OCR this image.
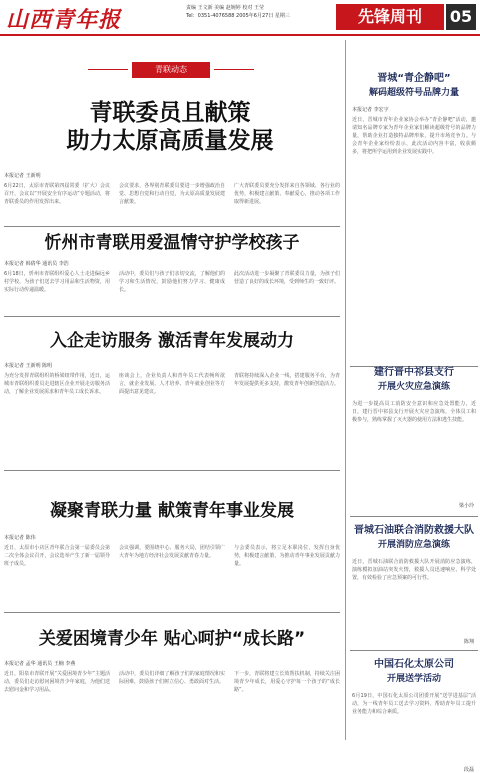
山西青年报	责编 王文新 美编 赵婉婷 校对 王莹
Tel：0351-4076588 2005年6月27日 星期三	先锋周刊	05
青联动态
青联委员且献策
助力太原高质量发展
本报记者 王新明
6月22日，太原市青联第四届常委（扩大）会议召开，会议以“开展安全有序运动”专题活动，将青联委员的作用发挥出来。
会议要求，各界别青联委员要进一步增强政治自觉、思想自觉和行动自觉，为太原高质量发展建言献策。
广大青联委员要充分发挥来自各领域、各行业的优势，积极建言献策、奉献爱心，推动各项工作取得新进展。
忻州市青联用爱温情守护学校孩子
本报记者 韩倩华 通讯员 李浩
6月18日，忻州市青联组织爱心人士走进偏远乡村学校，为孩子们送去学习用品和生活物资，用实际行动传递温暖。
活动中，委员们与孩子们亲切交流，了解他们的学习和生活情况，鼓励他们努力学习、健康成长。
此次活动进一步凝聚了青联委员力量，为孩子们营造了良好的成长环境，受到师生的一致好评。
入企走访服务 激活青年发展动力
本报记者 王新明 陈明
为充分发挥青联组织的桥梁纽带作用，近日，运城市青联组织委员走进辖区企业开展走访服务活动，了解企业发展需求和青年员工成长诉求。
座谈会上，企业负责人和青年员工代表畅所欲言，就企业发展、人才培养、青年就业创业等方面提出意见建议。
青联将持续深入企业一线，搭建服务平台，为青年发展提供更多支持，激发青年创新创造活力。
凝聚青联力量 献策青年事业发展
本报记者 陈伟
近日，太原市小店区青年联合会第一届委员会第二次全体会议召开，会议选举产生了新一届领导班子成员。
会议强调，要围绕中心、服务大局，团结引领广大青年为地方经济社会发展贡献青春力量。
与会委员表示，将立足本职岗位，发挥自身优势，积极建言献策，为推动青年事业发展贡献力量。
关爱困境青少年 贴心呵护“成长路”
本报记者 孟华 通讯员 王楠 李燕
近日，阳泉市青联开展“关爱困境青少年”主题活动，委员们走访慰问困境青少年家庭，为他们送去慰问金和学习用品。
活动中，委员们详细了解孩子们的家庭情况和实际困难，鼓励孩子们树立信心、勇敢面对生活。
下一步，青联将建立长效帮扶机制，持续关注困境青少年成长，用爱心守护每一个孩子的“成长路”。
晋城“青企静吧”
解码超级符号品牌力量
本报记者 李宏宇
近日，晋城市青年企业家协会举办“青企静吧”活动，邀请知名品牌专家为青年企业家们解读超级符号的品牌力量，帮助企业打造独特品牌形象，提升市场竞争力。与会青年企业家纷纷表示，此次活动内容丰富，收获颇多，将把所学运用到企业发展实践中。
建行晋中祁县支行
开展火灾应急演练
为进一步提高员工消防安全意识和应急处置能力，近日，建行晋中祁县支行开展火灾应急演练，全体员工积极参与，熟练掌握了灭火器的使用方法和逃生技能。
梁小玲
晋城石油联合消防救援大队
开展消防应急演练
近日，晋城石油联合消防救援大队开展消防应急演练，演练模拟加油站突发火情，救援人员迅速响应、科学处置，有效检验了应急预案的可行性。
陈翔
中国石化太原公司
开展送学活动
6月19日，中国石化太原公司团委开展“送学进基层”活动，为一线青年员工送去学习资料，帮助青年员工提升业务能力和综合素质。
段磊
